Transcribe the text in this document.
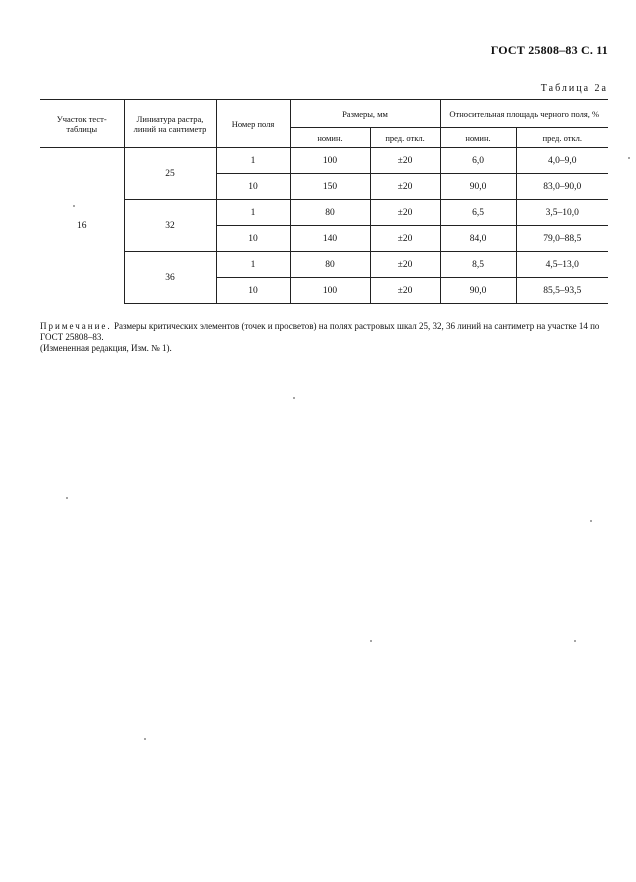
ГОСТ 25808–83 С. 11
Таблица 2а
Участок тест-таблицы	Линиатура растра, линий на сантиметр	Номер поля	Размеры, мм		Относительная площадь черного поля, %	
			номин.	пред. откл.	номин.	пред. откл.
16	25	1	100	±20	6,0	4,0–9,0
		10	150	±20	90,0	83,0–90,0
	32	1	80	±20	6,5	3,5–10,0
		10	140	±20	84,0	79,0–88,5
	36	1	80	±20	8,5	4,5–13,0
		10	100	±20	90,0	85,5–93,5
Примечание. Размеры критических элементов (точек и просветов) на полях растровых шкал 25, 32, 36 линий на сантиметр на участке 14 по ГОСТ 25808–83.
(Измененная редакция, Изм. № 1).
